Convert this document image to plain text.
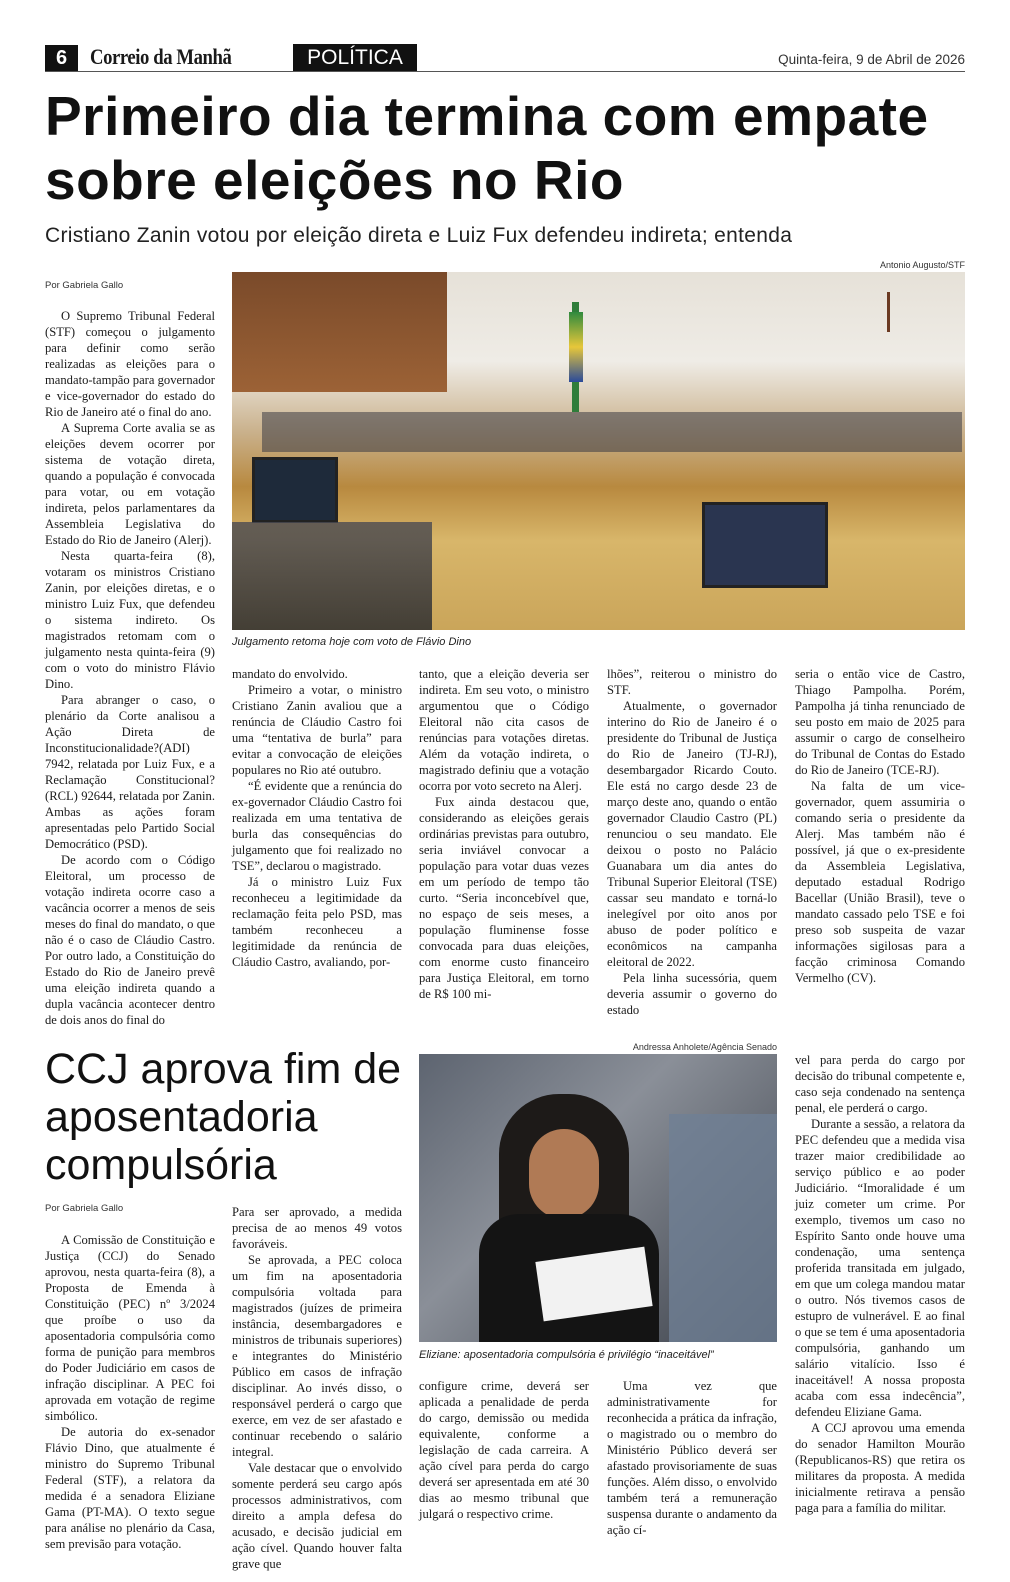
6	Correio da Manhã	POLÍTICA	Quinta-feira, 9 de Abril de 2026
Primeiro dia termina com empate sobre eleições no Rio
Cristiano Zanin votou por eleição direta e Luiz Fux defendeu indireta; entenda
Por Gabriela Gallo
Antonio Augusto/STF
Julgamento retoma hoje com voto de Flávio Dino

O Supremo Tribunal Federal (STF) começou o julgamento para definir como serão realizadas as eleições para o mandato-tampão para governador e vice-governador do estado do Rio de Janeiro até o final do ano.

A Suprema Corte avalia se as eleições devem ocorrer por sistema de votação direta, quando a população é convocada para votar, ou em votação indireta, pelos parlamentares da Assembleia Legislativa do Estado do Rio de Janeiro (Alerj).

Nesta quarta-feira (8), votaram os ministros Cristiano Zanin, por eleições diretas, e o ministro Luiz Fux, que defendeu o sistema indireto. Os magistrados retomam com o julgamento nesta quinta-feira (9) com o voto do ministro Flávio Dino.

Para abranger o caso, o plenário da Corte analisou a Ação Direta de Inconstitucionalidade?(ADI) 7942, relatada por Luiz Fux, e a Reclamação Constitucional?(RCL) 92644, relatada por Zanin. Ambas as ações foram apresentadas pelo Partido Social Democrático (PSD).

De acordo com o Código Eleitoral, um processo de votação indireta ocorre caso a vacância ocorrer a menos de seis meses do final do mandato, o que não é o caso de Cláudio Castro. Por outro lado, a Constituição do Estado do Rio de Janeiro prevê uma eleição indireta quando a dupla vacância acontecer dentro de dois anos do final do

mandato do envolvido.

Primeiro a votar, o ministro Cristiano Zanin avaliou que a renúncia de Cláudio Castro foi uma “tentativa de burla” para evitar a convocação de eleições populares no Rio até outubro.

“É evidente que a renúncia do ex-governador Cláudio Castro foi realizada em uma tentativa de burla das consequências do julgamento que foi realizado no TSE”, declarou o magistrado.

Já o ministro Luiz Fux reconheceu a legitimidade da reclamação feita pelo PSD, mas também reconheceu a legitimidade da renúncia de Cláudio Castro, avaliando, por-

tanto, que a eleição deveria ser indireta. Em seu voto, o ministro argumentou que o Código Eleitoral não cita casos de renúncias para votações diretas. Além da votação indireta, o magistrado definiu que a votação ocorra por voto secreto na Alerj.

Fux ainda destacou que, considerando as eleições gerais ordinárias previstas para outubro, seria inviável convocar a população para votar duas vezes em um período de tempo tão curto. “Seria inconcebível que, no espaço de seis meses, a população fluminense fosse convocada para duas eleições, com enorme custo financeiro para Justiça Eleitoral, em torno de R$ 100 mi-

lhões”, reiterou o ministro do STF.

Atualmente, o governador interino do Rio de Janeiro é o presidente do Tribunal de Justiça do Rio de Janeiro (TJ-RJ), desembargador Ricardo Couto. Ele está no cargo desde 23 de março deste ano, quando o então governador Claudio Castro (PL) renunciou o seu mandato. Ele deixou o posto no Palácio Guanabara um dia antes do Tribunal Superior Eleitoral (TSE) cassar seu mandato e torná-lo inelegível por oito anos por abuso de poder político e econômicos na campanha eleitoral de 2022.

Pela linha sucessória, quem deveria assumir o governo do estado

seria o então vice de Castro, Thiago Pampolha. Porém, Pampolha já tinha renunciado de seu posto em maio de 2025 para assumir o cargo de conselheiro do Tribunal de Contas do Estado do Rio de Janeiro (TCE-RJ).

Na falta de um vice-governador, quem assumiria o comando seria o presidente da Alerj. Mas também não é possível, já que o ex-presidente da Assembleia Legislativa, deputado estadual Rodrigo Bacellar (União Brasil), teve o mandato cassado pelo TSE e foi preso sob suspeita de vazar informações sigilosas para a facção criminosa Comando Vermelho (CV).

CCJ aprova fim de aposentadoria compulsória
Por Gabriela Gallo
Andressa Anholete/Agência Senado
Eliziane: aposentadoria compulsória é privilégio “inaceitável”

A Comissão de Constituição e Justiça (CCJ) do Senado aprovou, nesta quarta-feira (8), a Proposta de Emenda à Constituição (PEC) nº 3/2024 que proíbe o uso da aposentadoria compulsória como forma de punição para membros do Poder Judiciário em casos de infração disciplinar. A PEC foi aprovada em votação de regime simbólico.

De autoria do ex-senador Flávio Dino, que atualmente é ministro do Supremo Tribunal Federal (STF), a relatora da medida é a senadora Eliziane Gama (PT-MA). O texto segue para análise no plenário da Casa, sem previsão para votação.

Para ser aprovado, a medida precisa de ao menos 49 votos favoráveis.

Se aprovada, a PEC coloca um fim na aposentadoria compulsória voltada para magistrados (juízes de primeira instância, desembargadores e ministros de tribunais superiores) e integrantes do Ministério Público em casos de infração disciplinar. Ao invés disso, o responsável perderá o cargo que exerce, em vez de ser afastado e continuar recebendo o salário integral.

Vale destacar que o envolvido somente perderá seu cargo após processos administrativos, com direito a ampla defesa do acusado, e decisão judicial em ação cível. Quando houver falta grave que

configure crime, deverá ser aplicada a penalidade de perda do cargo, demissão ou medida equivalente, conforme a legislação de cada carreira. A ação cível para perda do cargo deverá ser apresentada em até 30 dias ao mesmo tribunal que julgará o respectivo crime.

Uma vez que administrativamente for reconhecida a prática da infração, o magistrado ou o membro do Ministério Público deverá ser afastado provisoriamente de suas funções. Além disso, o envolvido também terá a remuneração suspensa durante o andamento da ação cí-

vel para perda do cargo por decisão do tribunal competente e, caso seja condenado na sentença penal, ele perderá o cargo.

Durante a sessão, a relatora da PEC defendeu que a medida visa trazer maior credibilidade ao serviço público e ao poder Judiciário. “Imoralidade é um juiz cometer um crime. Por exemplo, tivemos um caso no Espírito Santo onde houve uma condenação, uma sentença proferida transitada em julgado, em que um colega mandou matar o outro. Nós tivemos casos de estupro de vulnerável. E ao final o que se tem é uma aposentadoria compulsória, ganhando um salário vitalício. Isso é inaceitável! A nossa proposta acaba com essa indecência”, defendeu Eliziane Gama.

A CCJ aprovou uma emenda do senador Hamilton Mourão (Republicanos-RS) que retira os militares da proposta. A medida inicialmente retirava a pensão paga para a família do militar.
